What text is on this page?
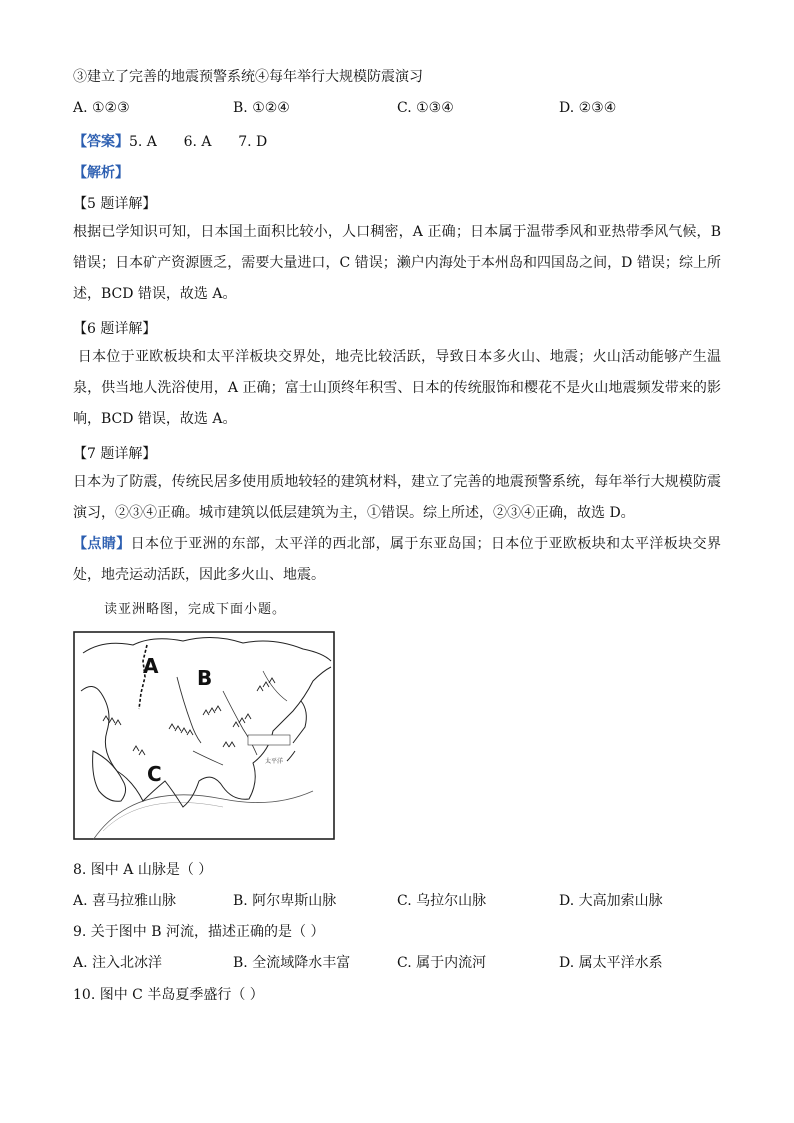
③建立了完善的地震预警系统④每年举行大规模防震演习
A. ①②③	B. ①②④	C. ①③④	D. ②③④
【答案】5. A      6. A      7. D
【解析】
【5 题详解】
根据已学知识可知，日本国土面积比较小，人口稠密，A 正确；日本属于温带季风和亚热带季风气候，B 错误；日本矿产资源匮乏，需要大量进口，C 错误；濑户内海处于本州岛和四国岛之间，D 错误；综上所述，BCD 错误，故选 A。
【6 题详解】
日本位于亚欧板块和太平洋板块交界处，地壳比较活跃，导致日本多火山、地震；火山活动能够产生温泉，供当地人洗浴使用，A 正确；富士山顶终年积雪、日本的传统服饰和樱花不是火山地震频发带来的影响，BCD 错误，故选 A。
【7 题详解】
日本为了防震，传统民居多使用质地较轻的建筑材料，建立了完善的地震预警系统，每年举行大规模防震演习，②③④正确。城市建筑以低层建筑为主，①错误。综上所述，②③④正确，故选 D。
【点睛】日本位于亚洲的东部，太平洋的西北部，属于东亚岛国；日本位于亚欧板块和太平洋板块交界处，地壳运动活跃，因此多火山、地震。
读亚洲略图，完成下面小题。
A B
C
太平洋
8. 图中 A 山脉是（ ）
A. 喜马拉雅山脉	B. 阿尔卑斯山脉	C. 乌拉尔山脉	D. 大高加索山脉
9. 关于图中 B 河流，描述正确的是（ ）
A. 注入北冰洋	B. 全流域降水丰富	C. 属于内流河	D. 属太平洋水系
10. 图中 C 半岛夏季盛行（ ）
